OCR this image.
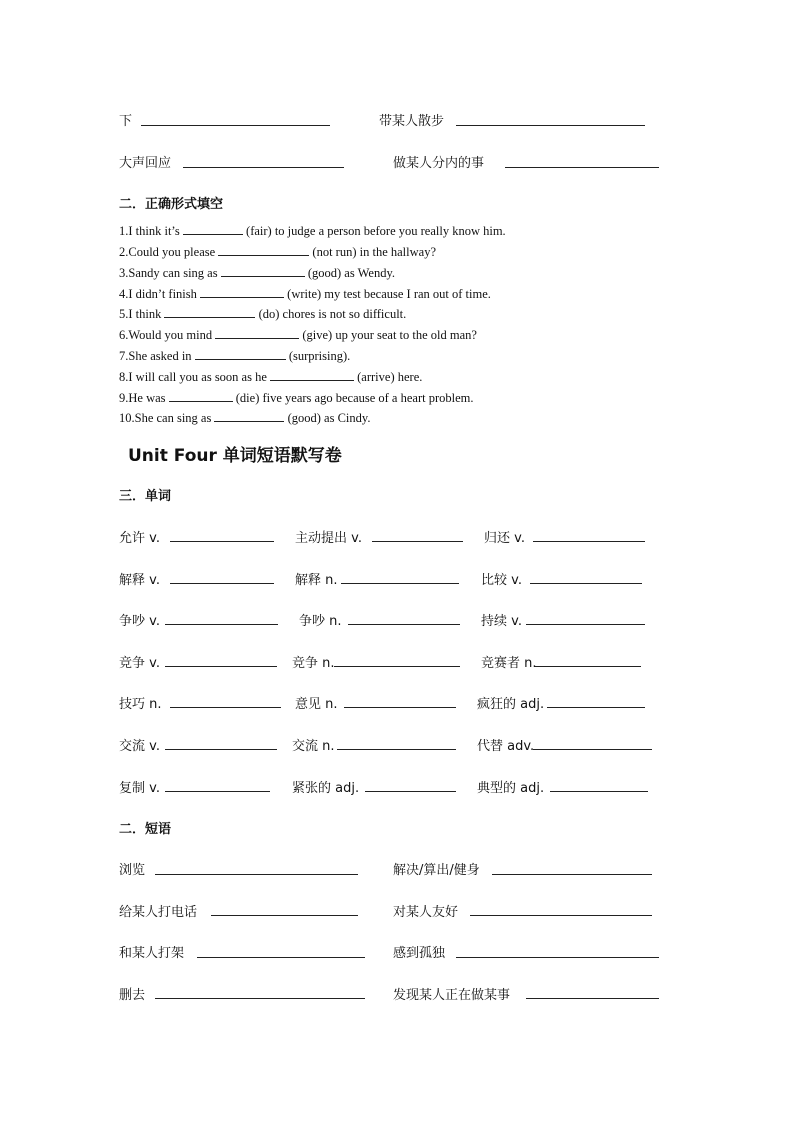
下	带某人散步
大声回应	做某人分内的事
二．正确形式填空
1.I think it’s	(fair) to judge a person before you really know him.
2.Could you please	(not run) in the hallway?
3.Sandy can sing as	(good) as Wendy.
4.I didn’t finish	(write) my test because I ran out of time.
5.I think	(do) chores is not so difficult.
6.Would you mind	(give) up your seat to the old man?
7.She asked in	(surprising).
8.I will call you as soon as he	(arrive) here.
9.He was	(die) five years ago because of a heart problem.
10.She can sing as	(good) as Cindy.
Unit Four 单词短语默写卷
三．单词
允许 v.	主动提出 v.	归还 v.
解释 v.	解释 n.	比较 v.
争吵 v.	争吵 n.	持续 v.
竞争 v.	竞争 n.	竞赛者 n.
技巧 n.	意见 n.	疯狂的 adj.
交流 v.	交流 n.	代替 adv.
复制 v.	紧张的 adj.	典型的 adj.
二．短语
浏览	解决/算出/健身
给某人打电话	对某人友好
和某人打架	感到孤独
删去	发现某人正在做某事
